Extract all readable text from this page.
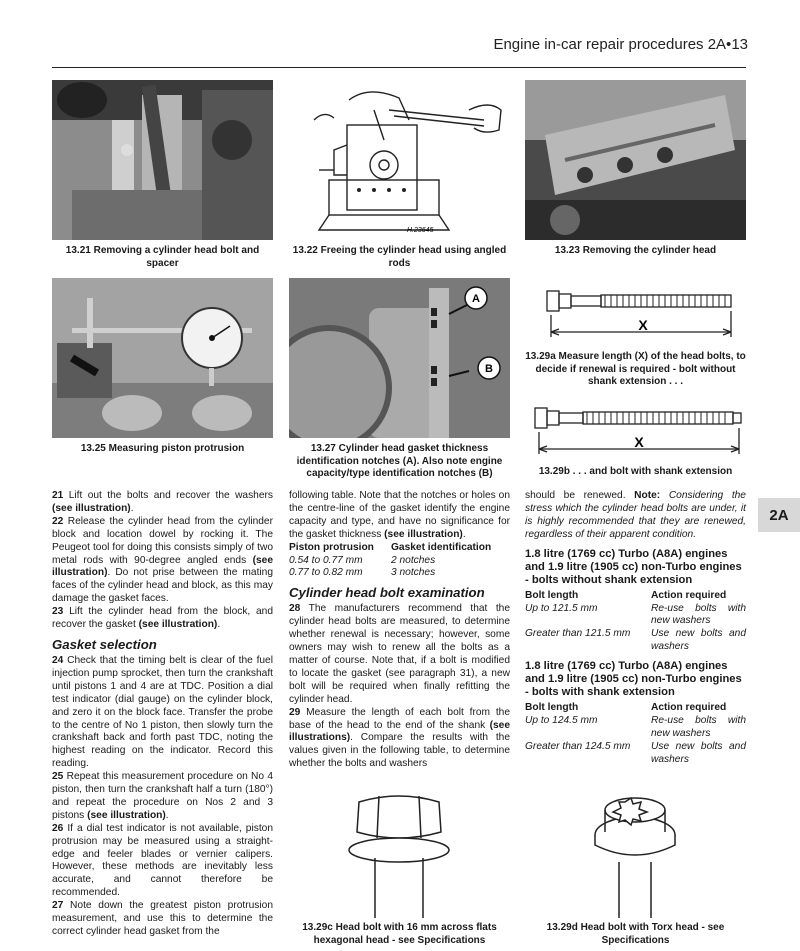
Engine in-car repair procedures 2A•13
13.21 Removing a cylinder head bolt and spacer
H.23645
13.22 Freeing the cylinder head using angled rods
13.23 Removing the cylinder head
13.25 Measuring piston protrusion
A
B
13.27 Cylinder head gasket thickness identification notches (A). Also note engine capacity/type identification notches (B)
X
13.29a Measure length (X) of the head bolts, to decide if renewal is required - bolt without shank extension . . .
X
13.29b . . . and bolt with shank extension

21 Lift out the bolts and recover the washers (see illustration).

22 Release the cylinder head from the cylinder block and location dowel by rocking it. The Peugeot tool for doing this consists simply of two metal rods with 90-degree angled ends (see illustration). Do not prise between the mating faces of the cylinder head and block, as this may damage the gasket faces.

23 Lift the cylinder head from the block, and recover the gasket (see illustration).

Gasket selection

24 Check that the timing belt is clear of the fuel injection pump sprocket, then turn the crankshaft until pistons 1 and 4 are at TDC. Position a dial test indicator (dial gauge) on the cylinder block, and zero it on the block face. Transfer the probe to the centre of No 1 piston, then slowly turn the crankshaft back and forth past TDC, noting the highest reading on the indicator. Record this reading.

25 Repeat this measurement procedure on No 4 piston, then turn the crankshaft half a turn (180°) and repeat the procedure on Nos 2 and 3 pistons (see illustration).

26 If a dial test indicator is not available, piston protrusion may be measured using a straight-edge and feeler blades or vernier calipers. However, these methods are inevitably less accurate, and cannot therefore be recommended.

27 Note down the greatest piston protrusion measurement, and use this to determine the correct cylinder head gasket from the

following table. Note that the notches or holes on the centre-line of the gasket identify the engine capacity and type, and have no significance for the gasket thickness (see illustration).

Piston protrusion	Gasket identification
0.54 to 0.77 mm	2 notches
0.77 to 0.82 mm	3 notches
Cylinder head bolt examination

28 The manufacturers recommend that the cylinder head bolts are measured, to determine whether renewal is necessary; however, some owners may wish to renew all the bolts as a matter of course. Note that, if a bolt is modified to locate the gasket (see paragraph 31), a new bolt will be required when finally refitting the cylinder head.

29 Measure the length of each bolt from the base of the head to the end of the shank (see illustrations). Compare the results with the values given in the following table, to determine whether the bolts and washers

should be renewed. Note: Considering the stress which the cylinder head bolts are under, it is highly recommended that they are renewed, regardless of their apparent condition.

1.8 litre (1769 cc) Turbo (A8A) engines and 1.9 litre (1905 cc) non-Turbo engines - bolts without shank extension
Bolt length	Action required
Up to 121.5 mm	Re-use bolts with new washers
Greater than 121.5 mm	Use new bolts and washers
1.8 litre (1769 cc) Turbo (A8A) engines and 1.9 litre (1905 cc) non-Turbo engines - bolts with shank extension
Bolt length	Action required
Up to 124.5 mm	Re-use bolts with new washers
Greater than 124.5 mm	Use new bolts and washers
13.29c Head bolt with 16 mm across flats hexagonal head - see Specifications
13.29d Head bolt with Torx head - see Specifications
2A
